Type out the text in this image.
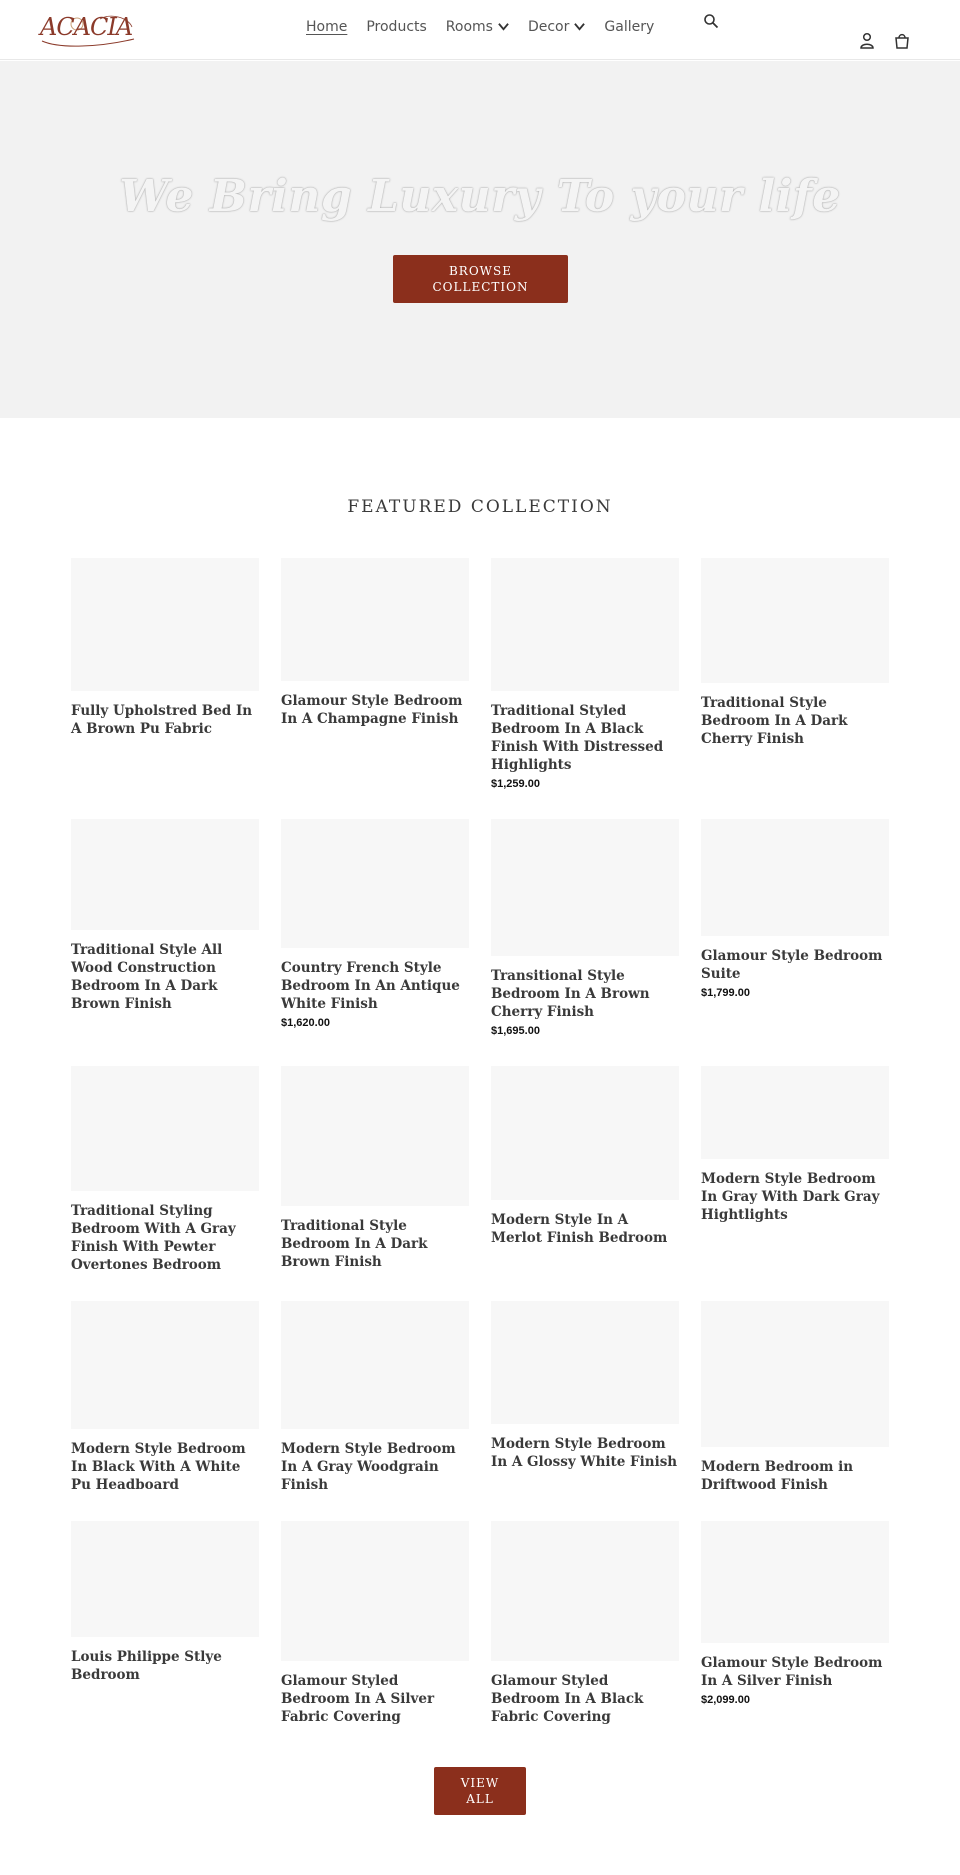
ACACIA	Home Products Rooms	Decor	Gallery
We Bring Luxury To your life
BROWSE COLLECTION
FEATURED COLLECTION
Fully Upholstred Bed In A Brown Pu Fabric
Glamour Style Bedroom In A Champagne Finish	Traditional Styled Bedroom In A Black Finish With Distressed Highlights
$1,259.00
Traditional Style Bedroom In A Dark Cherry Finish
Traditional Style All Wood Construction Bedroom In A Dark Brown Finish
Country French Style Bedroom In An Antique White Finish
$1,620.00
Transitional Style Bedroom In A Brown Cherry Finish
$1,695.00
Glamour Style Bedroom Suite
$1,799.00
Traditional Styling Bedroom With A Gray Finish With Pewter Overtones Bedroom
Traditional Style Bedroom In A Dark Brown Finish
Modern Style In A Merlot Finish Bedroom
Modern Style Bedroom In Gray With Dark Gray Hightlights
Modern Style Bedroom In Black With A White Pu Headboard
Modern Style Bedroom In A Gray Woodgrain Finish
Modern Style Bedroom In A Glossy White Finish Modern Bedroom in Driftwood Finish
Louis Philippe Stlye Bedroom	Glamour Styled Bedroom In A Silver Fabric Covering
Glamour Styled Bedroom In A Black Fabric Covering
Glamour Style Bedroom In A Silver Finish
$2,099.00
VIEW ALL
